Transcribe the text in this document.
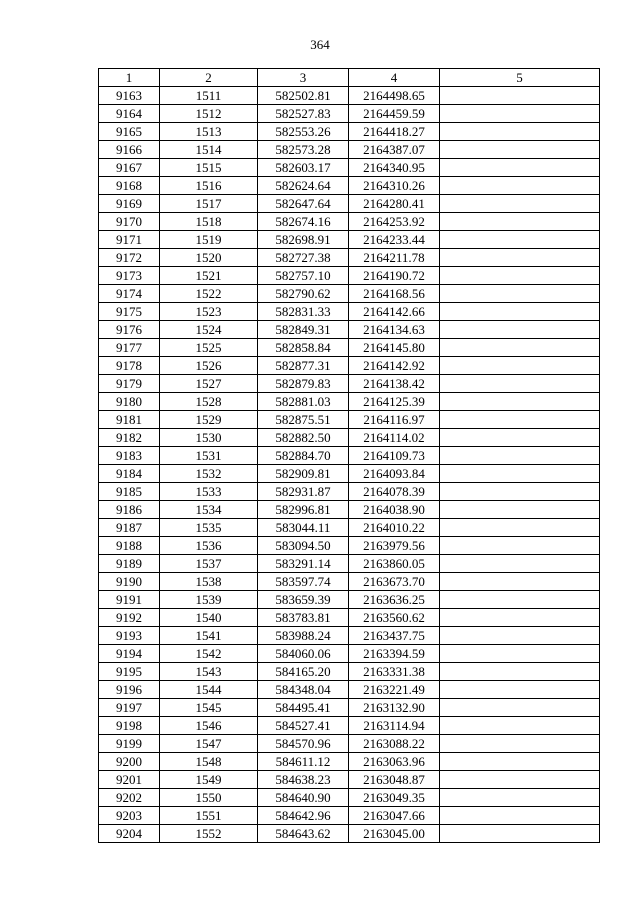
364
1	2	3	4	5
9163	1511	582502.81	2164498.65	
9164	1512	582527.83	2164459.59	
9165	1513	582553.26	2164418.27	
9166	1514	582573.28	2164387.07	
9167	1515	582603.17	2164340.95	
9168	1516	582624.64	2164310.26	
9169	1517	582647.64	2164280.41	
9170	1518	582674.16	2164253.92	
9171	1519	582698.91	2164233.44	
9172	1520	582727.38	2164211.78	
9173	1521	582757.10	2164190.72	
9174	1522	582790.62	2164168.56	
9175	1523	582831.33	2164142.66	
9176	1524	582849.31	2164134.63	
9177	1525	582858.84	2164145.80	
9178	1526	582877.31	2164142.92	
9179	1527	582879.83	2164138.42	
9180	1528	582881.03	2164125.39	
9181	1529	582875.51	2164116.97	
9182	1530	582882.50	2164114.02	
9183	1531	582884.70	2164109.73	
9184	1532	582909.81	2164093.84	
9185	1533	582931.87	2164078.39	
9186	1534	582996.81	2164038.90	
9187	1535	583044.11	2164010.22	
9188	1536	583094.50	2163979.56	
9189	1537	583291.14	2163860.05	
9190	1538	583597.74	2163673.70	
9191	1539	583659.39	2163636.25	
9192	1540	583783.81	2163560.62	
9193	1541	583988.24	2163437.75	
9194	1542	584060.06	2163394.59	
9195	1543	584165.20	2163331.38	
9196	1544	584348.04	2163221.49	
9197	1545	584495.41	2163132.90	
9198	1546	584527.41	2163114.94	
9199	1547	584570.96	2163088.22	
9200	1548	584611.12	2163063.96	
9201	1549	584638.23	2163048.87	
9202	1550	584640.90	2163049.35	
9203	1551	584642.96	2163047.66	
9204	1552	584643.62	2163045.00	
